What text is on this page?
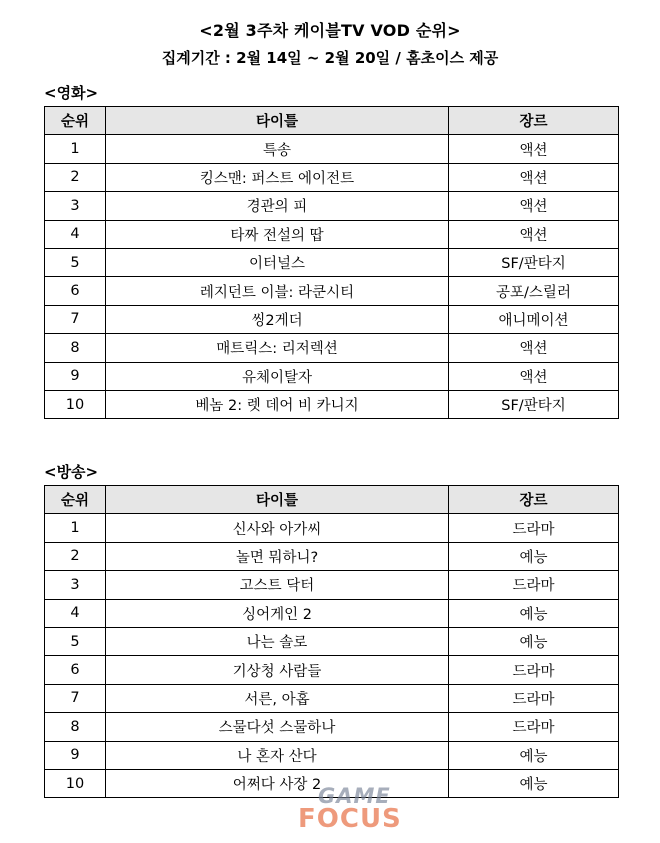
<2월 3주차 케이블TV VOD 순위>
집계기간 : 2월 14일 ~ 2월 20일 / 홈초이스 제공
<영화>
순위	타이틀	장르
1	특송	액션
2	킹스맨: 퍼스트 에이전트	액션
3	경관의 피	액션
4	타짜 전설의 땁	액션
5	이터널스	SF/판타지
6	레지던트 이블: 라쿤시티	공포/스릴러
7	씽2게더	애니메이션
8	매트릭스: 리저렉션	액션
9	유체이탈자	액션
10	베놈 2: 렛 데어 비 카니지	SF/판타지
<방송>
순위	타이틀	장르
1	신사와 아가씨	드라마
2	놀면 뭐하니?	예능
3	고스트 닥터	드라마
4	싱어게인 2	예능
5	나는 솔로	예능
6	기상청 사람들	드라마
7	서른, 아홉	드라마
8	스물다섯 스물하나	드라마
9	나 혼자 산다	예능
10	어쩌다 사장 2	예능
GAME
FOCUS
